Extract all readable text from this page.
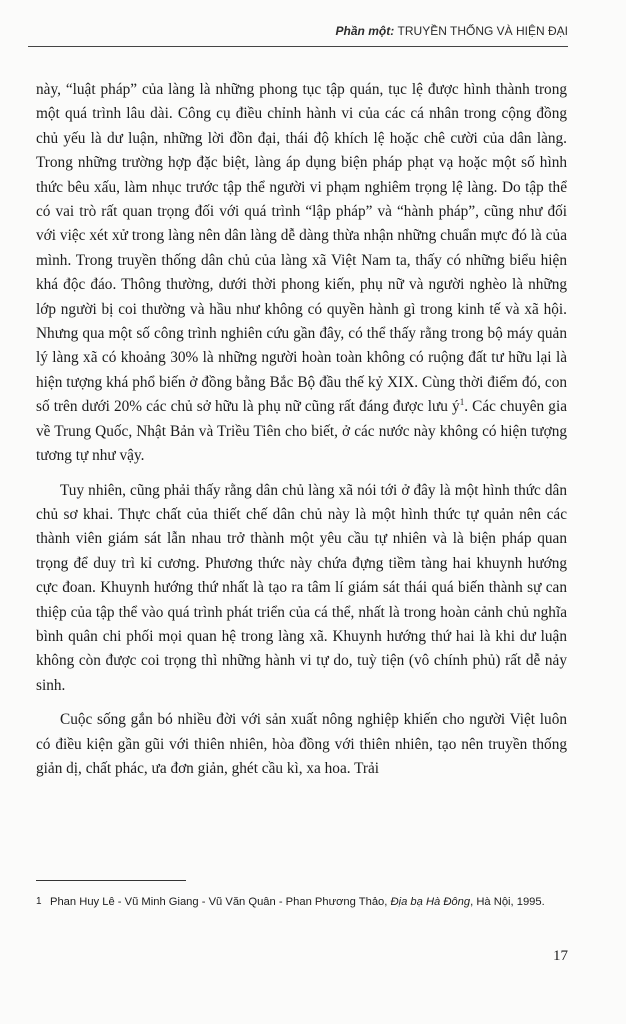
Phần một: TRUYỀN THỐNG VÀ HIỆN ĐẠI

này, “luật pháp” của làng là những phong tục tập quán, tục lệ được hình thành trong một quá trình lâu dài. Công cụ điều chỉnh hành vi của các cá nhân trong cộng đồng chủ yếu là dư luận, những lời đồn đại, thái độ khích lệ hoặc chê cười của dân làng. Trong những trường hợp đặc biệt, làng áp dụng biện pháp phạt vạ hoặc một số hình thức bêu xấu, làm nhục trước tập thể người vi phạm nghiêm trọng lệ làng. Do tập thể có vai trò rất quan trọng đối với quá trình “lập pháp” và “hành pháp”, cũng như đối với việc xét xử trong làng nên dân làng dễ dàng thừa nhận những chuẩn mực đó là của mình. Trong truyền thống dân chủ của làng xã Việt Nam ta, thấy có những biểu hiện khá độc đáo. Thông thường, dưới thời phong kiến, phụ nữ và người nghèo là những lớp người bị coi thường và hầu như không có quyền hành gì trong kinh tế và xã hội. Nhưng qua một số công trình nghiên cứu gần đây, có thể thấy rằng trong bộ máy quản lý làng xã có khoảng 30% là những người hoàn toàn không có ruộng đất tư hữu lại là hiện tượng khá phổ biến ở đồng bằng Bắc Bộ đầu thế kỷ XIX. Cùng thời điểm đó, con số trên dưới 20% các chủ sở hữu là phụ nữ cũng rất đáng được lưu ý$^1$. Các chuyên gia về Trung Quốc, Nhật Bản và Triều Tiên cho biết, ở các nước này không có hiện tượng tương tự như vậy.

Tuy nhiên, cũng phải thấy rằng dân chủ làng xã nói tới ở đây là một hình thức dân chủ sơ khai. Thực chất của thiết chế dân chủ này là một hình thức tự quản nên các thành viên giám sát lẫn nhau trở thành một yêu cầu tự nhiên và là biện pháp quan trọng để duy trì kỉ cương. Phương thức này chứa đựng tiềm tàng hai khuynh hướng cực đoan. Khuynh hướng thứ nhất là tạo ra tâm lí giám sát thái quá biến thành sự can thiệp của tập thể vào quá trình phát triển của cá thể, nhất là trong hoàn cảnh chủ nghĩa bình quân chi phối mọi quan hệ trong làng xã. Khuynh hướng thứ hai là khi dư luận không còn được coi trọng thì những hành vi tự do, tuỳ tiện (vô chính phủ) rất dễ nảy sinh.

Cuộc sống gắn bó nhiều đời với sản xuất nông nghiệp khiến cho người Việt luôn có điều kiện gần gũi với thiên nhiên, hòa đồng với thiên nhiên, tạo nên truyền thống giản dị, chất phác, ưa đơn giản, ghét cầu kì, xa hoa. Trải

1 Phan Huy Lê - Vũ Minh Giang - Vũ Văn Quân - Phan Phương Thảo, Địa bạ Hà Đông, Hà Nội, 1995.
17
